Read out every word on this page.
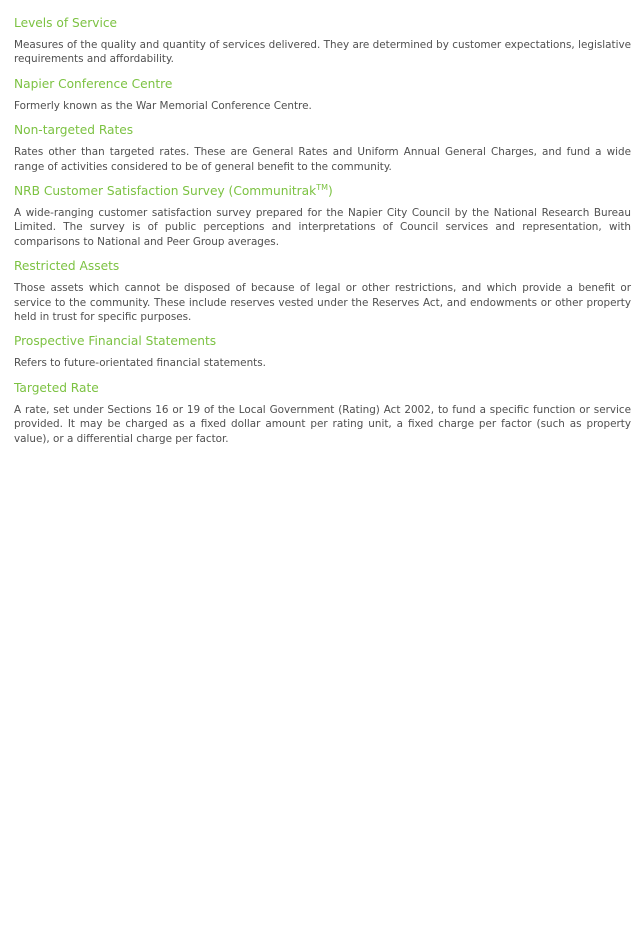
Levels of Service

Measures of the quality and quantity of services delivered. They are determined by customer expectations, legislative requirements and affordability.

Napier Conference Centre

Formerly known as the War Memorial Conference Centre.

Non-targeted Rates

Rates other than targeted rates. These are General Rates and Uniform Annual General Charges, and fund a wide range of activities considered to be of general benefit to the community.

NRB Customer Satisfaction Survey (Communitrak™)

A wide-ranging customer satisfaction survey prepared for the Napier City Council by the National Research Bureau Limited. The survey is of public perceptions and interpretations of Council services and representation, with comparisons to National and Peer Group averages.

Restricted Assets

Those assets which cannot be disposed of because of legal or other restrictions, and which provide a benefit or service to the community. These include reserves vested under the Reserves Act, and endowments or other property held in trust for specific purposes.

Prospective Financial Statements

Refers to future-orientated financial statements.

Targeted Rate

A rate, set under Sections 16 or 19 of the Local Government (Rating) Act 2002, to fund a specific function or service provided. It may be charged as a fixed dollar amount per rating unit, a fixed charge per factor (such as property value), or a differential charge per factor.
